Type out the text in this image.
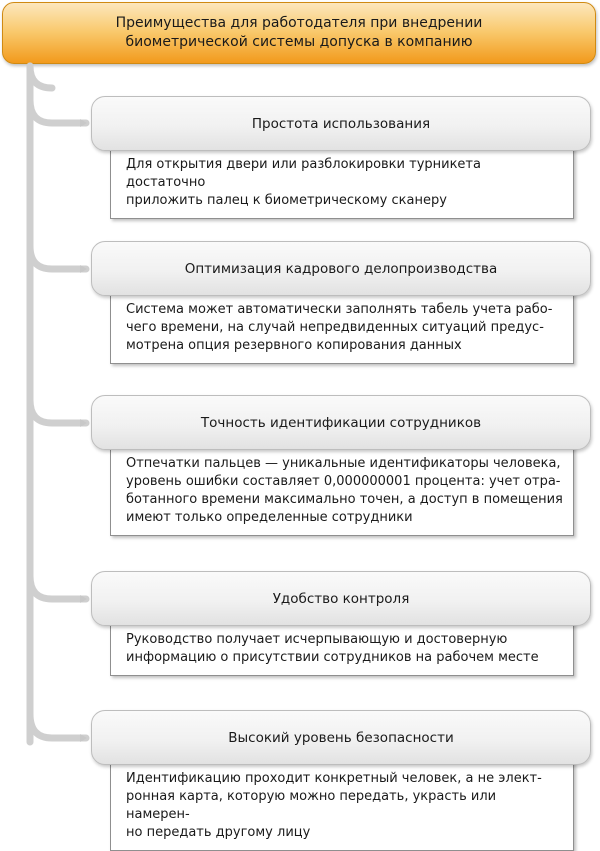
Преимущества для работодателя при внедрении биометрической системы допуска в компанию
Простота использования
Для открытия двери или разблокировки турникета достаточно
приложить палец к биометрическому сканеру
Оптимизация кадрового делопроизводства
Система может автоматически заполнять табель учета рабо-
чего времени, на случай непредвиденных ситуаций предус-
мотрена опция резервного копирования данных
Точность идентификации сотрудников
Отпечатки пальцев — уникальные идентификаторы человека,
уровень ошибки составляет 0,000000001 процента: учет отра-
ботанного времени максимально точен, а доступ в помещения
имеют только определенные сотрудники
Удобство контроля
Руководство получает исчерпывающую и достоверную
информацию о присутствии сотрудников на рабочем месте
Высокий уровень безопасности
Идентификацию проходит конкретный человек, а не элект-
ронная карта, которую можно передать, украсть или намерен-
но передать другому лицу
